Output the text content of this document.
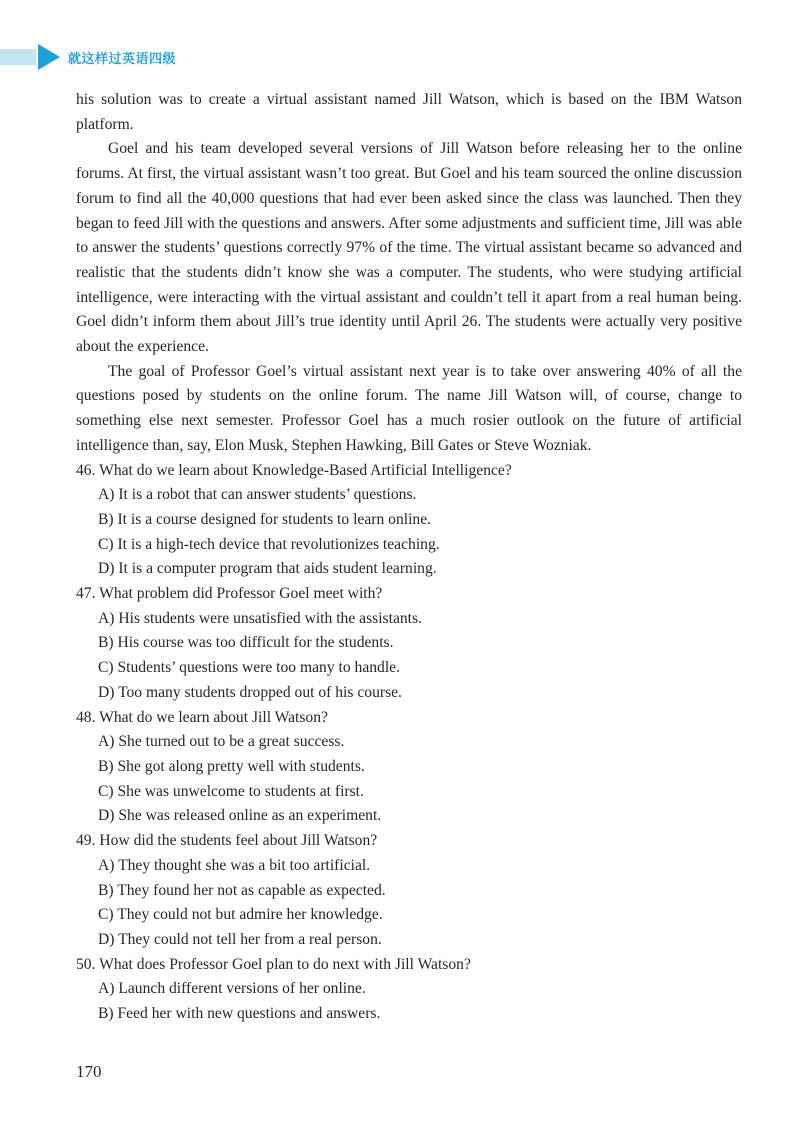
就这样过英语四级

his solution was to create a virtual assistant named Jill Watson, which is based on the IBM Watson platform.

Goel and his team developed several versions of Jill Watson before releasing her to the online forums. At first, the virtual assistant wasn’t too great. But Goel and his team sourced the online discussion forum to find all the 40,000 questions that had ever been asked since the class was launched. Then they began to feed Jill with the questions and answers. After some adjustments and sufficient time, Jill was able to answer the students’ questions correctly 97% of the time. The virtual assistant became so advanced and realistic that the students didn’t know she was a computer. The students, who were studying artificial intelligence, were interacting with the virtual assistant and couldn’t tell it apart from a real human being. Goel didn’t inform them about Jill’s true identity until April 26. The students were actually very positive about the experience.

The goal of Professor Goel’s virtual assistant next year is to take over answering 40% of all the questions posed by students on the online forum. The name Jill Watson will, of course, change to something else next semester. Professor Goel has a much rosier outlook on the future of artificial intelligence than, say, Elon Musk, Stephen Hawking, Bill Gates or Steve Wozniak.

46. What do we learn about Knowledge-Based Artificial Intelligence?

A) It is a robot that can answer students’ questions.

B) It is a course designed for students to learn online.

C) It is a high-tech device that revolutionizes teaching.

D) It is a computer program that aids student learning.

47. What problem did Professor Goel meet with?

A) His students were unsatisfied with the assistants.

B) His course was too difficult for the students.

C) Students’ questions were too many to handle.

D) Too many students dropped out of his course.

48. What do we learn about Jill Watson?

A) She turned out to be a great success.

B) She got along pretty well with students.

C) She was unwelcome to students at first.

D) She was released online as an experiment.

49. How did the students feel about Jill Watson?

A) They thought she was a bit too artificial.

B) They found her not as capable as expected.

C) They could not but admire her knowledge.

D) They could not tell her from a real person.

50. What does Professor Goel plan to do next with Jill Watson?

A) Launch different versions of her online.

B) Feed her with new questions and answers.

170
